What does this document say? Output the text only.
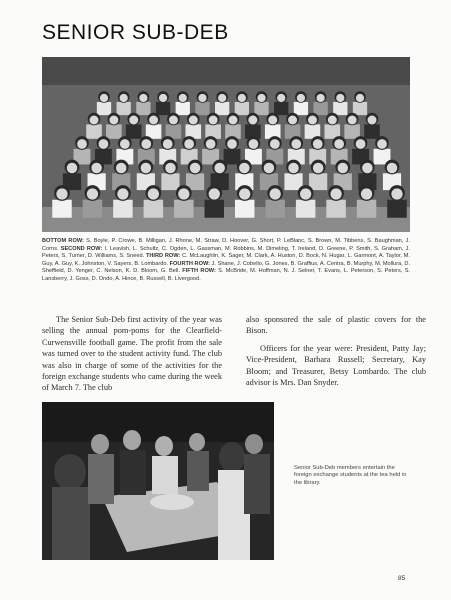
SENIOR SUB-DEB

BOTTOM ROW: S. Boyle, P. Crowe, B. Milligan, J. Rhone, M. Straw, D. Hoover, G. Short, P. LeBlanc, S. Brown, M. Tibbens, S. Baughman, J. Corns. SECOND ROW: I. Leavish, L. Schultz, C. Ogden, L. Gassman, M. Robbins, M. Dimeling, T. Ireland, D. Greene, P. Smith, S. Graham, J. Peters, S. Turner, D. Williams, S. Sneed. THIRD ROW: C. McLaughlin, K. Sager, M. Clark, A. Huston, D. Bock, N. Hugar, L. Garmont, A. Taylor, M. Guy, A. Guy, K. Johnston, V. Sayers, B. Lombardo. FOURTH ROW: J. Shane, J. Cobello, G. Jones, B. Graffius, A. Centra, B. Murphy, M. Mollura, D. Sheffield, D. Yenger, C. Nelson, K. D. Bloom, G. Bell. FIFTH ROW: S. McBride, M. Hoffman, N. J. Selner, T. Evans, L. Peterson, S. Peters, S. Lansberry, J. Goss, D. Ondo, A. Hince, B. Russell, B. Livergood.

The Senior Sub-Deb first activity of the year was selling the annual pom-poms for the Clearfield-Curwensville football game. The profit from the sale was turned over to the student activity fund. The club was also in charge of some of the activities for the foreign exchange students who came during the week of March 7. The club

also sponsored the sale of plastic covers for the Bison.

Officers for the year were: President, Patty Jay; Vice-President, Barbara Russell; Secretary, Kay Bloom; and Treasurer, Betsy Lombardo. The club advisor is Mrs. Dan Snyder.

Senior Sub-Deb members entertain the foreign exchange students at the tea held in the library.

85
